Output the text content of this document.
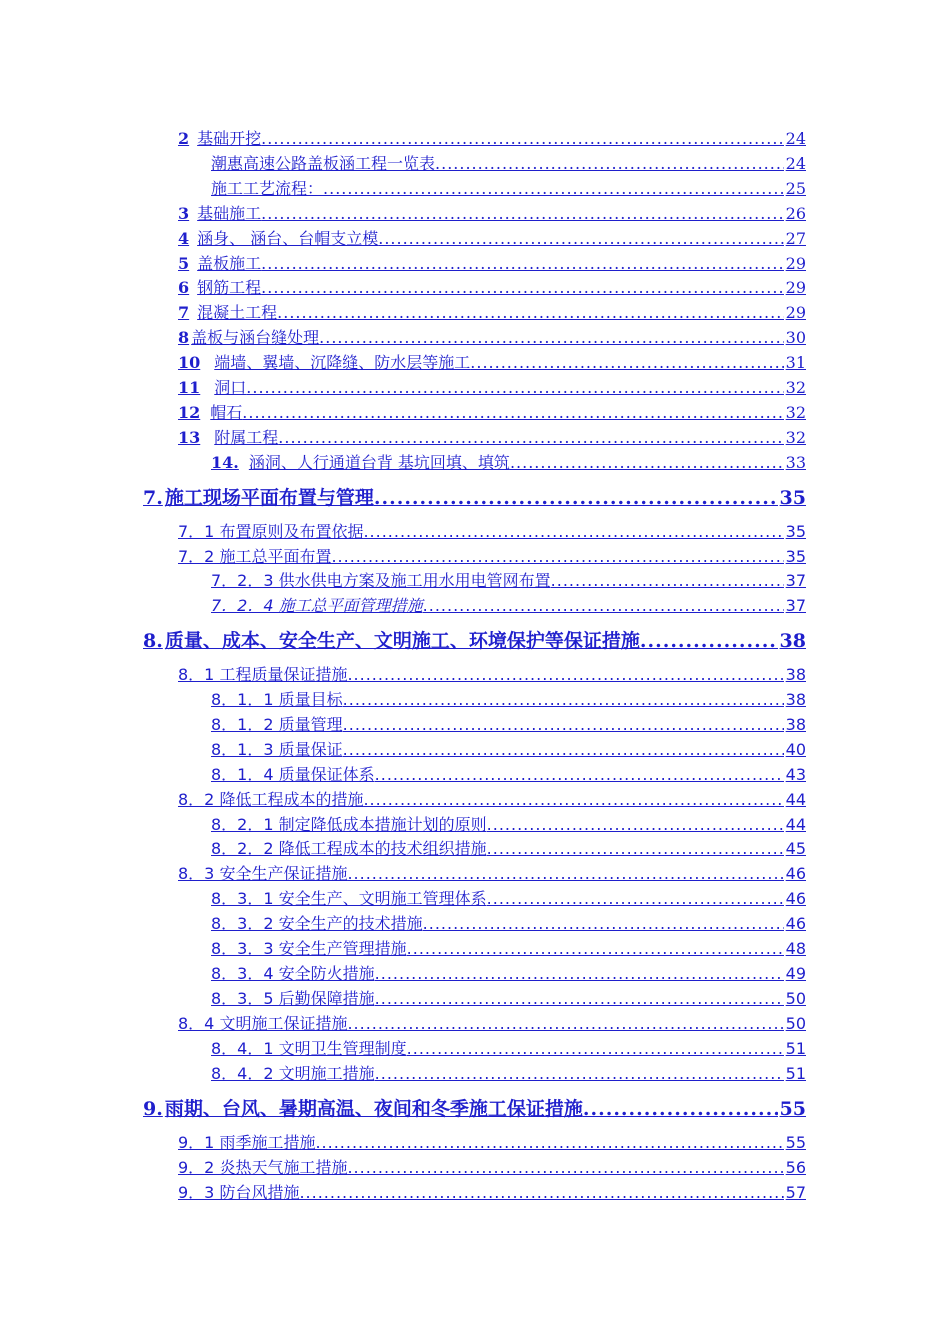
2 基础开挖 .....	24
潮惠高速公路盖板涵工程一览表 .....	24
施工工艺流程： .....	25
3 基础施工 .....	26
4 涵身、 涵台、台帽支立模 .....	27
5 盖板施工 .....	29
6 钢筋工程 .....	29
7 混凝土工程 .....	29
8 盖板与涵台缝处理 .....	30
10 端墙、翼墙、沉降缝、防水层等施工 .....	31
11 洞口 .....	32
12 帽石 .....	32
13 附属工程 .....	32
14. 涵洞、人行通道台背 基坑回填、填筑 .....	33
7. 施工现场平面布置与管理 .....	35
7．1 布置原则及布置依据 .....	35
7．2 施工总平面布置 .....	35
7．2．3 供水供电方案及施工用水用电管网布置 .....	37
7．2．4 施工总平面管理措施 .....	37
8. 质量、成本、安全生产、文明施工、环境保护等保证措施 .....	38
8．1 工程质量保证措施 .....	38
8．1．1 质量目标 .....	38
8．1．2 质量管理 .....	38
8．1．3 质量保证 .....	40
8．1．4 质量保证体系 .....	43
8．2 降低工程成本的措施 .....	44
8．2．1 制定降低成本措施计划的原则 .....	44
8．2．2 降低工程成本的技术组织措施 .....	45
8．3 安全生产保证措施 .....	46
8．3．1 安全生产、文明施工管理体系 .....	46
8．3．2 安全生产的技术措施 .....	46
8．3．3 安全生产管理措施 .....	48
8．3．4 安全防火措施 .....	49
8．3．5 后勤保障措施 .....	50
8．4 文明施工保证措施 .....	50
8．4．1 文明卫生管理制度 .....	51
8．4．2 文明施工措施 .....	51
9. 雨期、台风、暑期高温、夜间和冬季施工保证措施 .....	55
9．1 雨季施工措施 .....	55
9．2 炎热天气施工措施 .....	56
9．3 防台风措施 .....	57
